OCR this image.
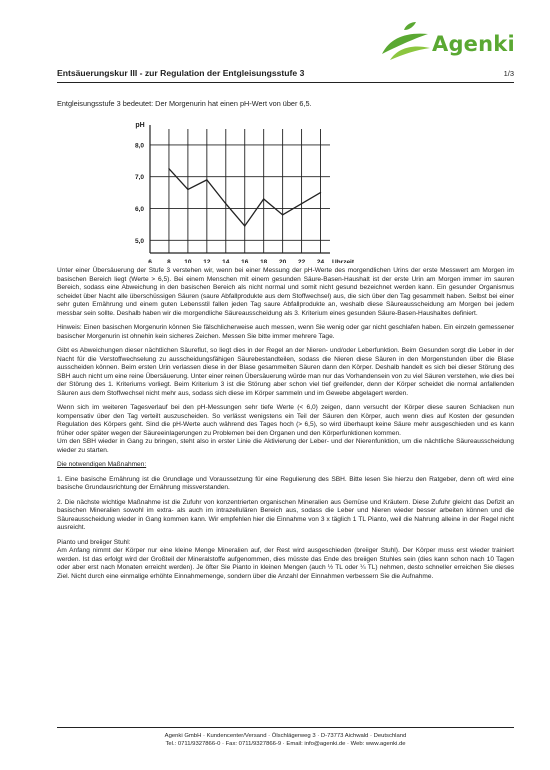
Agenki
Entsäuerungskur III - zur Regulation der Entgleisungsstufe 3	1/3
Entgleisungsstufe 3 bedeutet: Der Morgenurin hat einen pH-Wert von über 6,5.
8,0
7,0
6,0
5,0
6 8 10 12 14 16 18 20 22 24
pH
Uhrzeit

Unter einer Übersäuerung der Stufe 3 verstehen wir, wenn bei einer Messung der pH-Werte des morgendlichen Urins der erste Messwert am Morgen im basischen Bereich liegt (Werte > 6,5). Bei einem Menschen mit einem gesunden Säure-Basen-Haushalt ist der erste Urin am Morgen immer im sauren Bereich, sodass eine Abweichung in den basischen Bereich als nicht normal und somit nicht gesund bezeichnet werden kann. Ein gesunder Organismus scheidet über Nacht alle überschüssigen Säuren (saure Abfallprodukte aus dem Stoffwechsel) aus, die sich über den Tag gesammelt haben. Selbst bei einer sehr guten Ernährung und einem guten Lebensstil fallen jeden Tag saure Abfallprodukte an, weshalb diese Säureausscheidung am Morgen bei jedem messbar sein sollte. Deshalb haben wir die morgendliche Säureausscheidung als 3. Kriterium eines gesunden Säure-Basen-Haushaltes definiert.

Hinweis: Einen basischen Morgenurin können Sie fälschlicherweise auch messen, wenn Sie wenig oder gar nicht geschlafen haben. Ein einzeln gemessener basischer Morgenurin ist ohnehin kein sicheres Zeichen. Messen Sie bitte immer mehrere Tage.

Gibt es Abweichungen dieser nächtlichen Säureflut, so liegt dies in der Regel an der Nieren- und/oder Leberfunktion. Beim Gesunden sorgt die Leber in der Nacht für die Verstoffwechselung zu ausscheidungsfähigen Säurebestandteilen, sodass die Nieren diese Säuren in den Morgenstunden über die Blase ausscheiden können. Beim ersten Urin verlassen diese in der Blase gesammelten Säuren dann den Körper. Deshalb handelt es sich bei dieser Störung des SBH auch nicht um eine reine Übersäuerung. Unter einer reinen Übersäuerung würde man nur das Vorhandensein von zu viel Säuren verstehen, wie dies bei der Störung des 1. Kriteriums vorliegt. Beim Kriterium 3 ist die Störung aber schon viel tief greifender, denn der Körper scheidet die normal anfallenden Säuren aus dem Stoffwechsel nicht mehr aus, sodass sich diese im Körper sammeln und im Gewebe abgelagert werden.

Wenn sich im weiteren Tagesverlauf bei den pH-Messungen sehr tiefe Werte (< 6,0) zeigen, dann versucht der Körper diese sauren Schlacken nun kompensativ über den Tag verteilt auszuscheiden. So verlässt wenigstens ein Teil der Säuren den Körper, auch wenn dies auf Kosten der gesunden Regulation des Körpers geht. Sind die pH-Werte auch während des Tages hoch (> 6,5), so wird überhaupt keine Säure mehr ausgeschieden und es kann früher oder später wegen der Säureeinlagerungen zu Problemen bei den Organen und den Körperfunktionen kommen.

Um den SBH wieder in Gang zu bringen, steht also in erster Linie die Aktivierung der Leber- und der Nierenfunktion, um die nächtliche Säureausscheidung wieder zu starten.

Die notwendigen Maßnahmen:

1. Eine basische Ernährung ist die Grundlage und Voraussetzung für eine Regulierung des SBH. Bitte lesen Sie hierzu den Ratgeber, denn oft wird eine basische Grundausrichtung der Ernährung missverstanden.

2. Die nächste wichtige Maßnahme ist die Zufuhr von konzentrierten organischen Mineralien aus Gemüse und Kräutern. Diese Zufuhr gleicht das Defizit an basischen Mineralien sowohl im extra- als auch im intrazellulären Bereich aus, sodass die Leber und Nieren wieder besser arbeiten können und die Säureausscheidung wieder in Gang kommen kann. Wir empfehlen hier die Einnahme von 3 x täglich 1 TL Pianto, weil die Nahrung alleine in der Regel nicht ausreicht.

Pianto und breiiger Stuhl:

Am Anfang nimmt der Körper nur eine kleine Menge Mineralien auf, der Rest wird ausgeschieden (breiiger Stuhl). Der Körper muss erst wieder trainiert werden. Ist das erfolgt wird der Großteil der Mineralstoffe aufgenommen, dies müsste das Ende des breiigen Stuhles sein (dies kann schon nach 10 Tagen oder aber erst nach Monaten erreicht werden). Je öfter Sie Pianto in kleinen Mengen (auch ½ TL oder ¼ TL) nehmen, desto schneller erreichen Sie dieses Ziel. Nicht durch eine einmalige erhöhte Einnahmemenge, sondern über die Anzahl der Einnahmen verbessern Sie die Aufnahme.

Agenki GmbH · Kundencenter/Versand · Ölschlägerweg 3 · D-73773 Aichwald · Deutschland
Tel.: 0711/9327866-0 · Fax: 0711/9327866-9 · Email: info@agenki.de · Web: www.agenki.de
